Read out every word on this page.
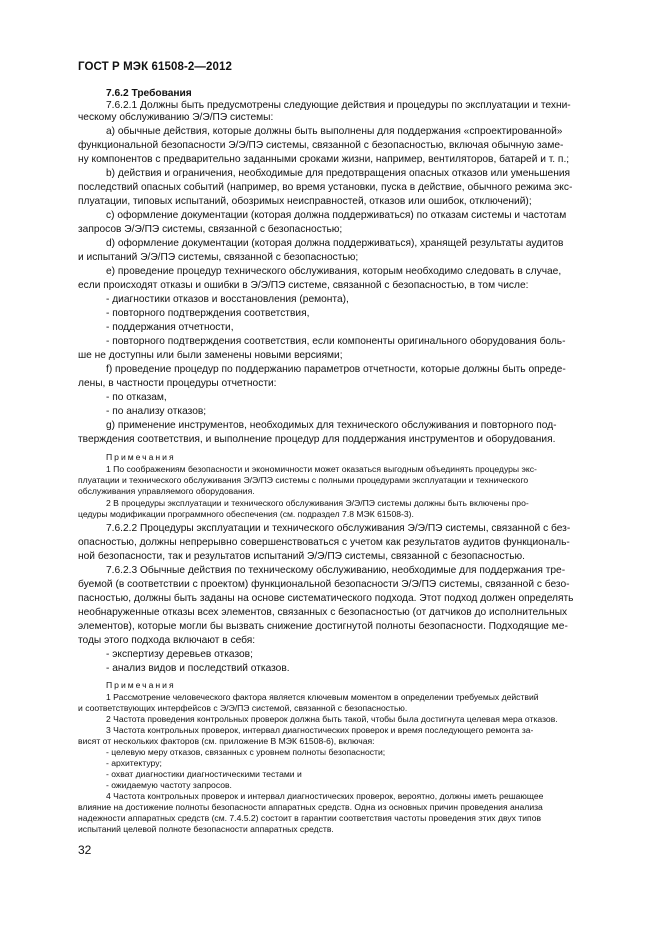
ГОСТ Р МЭК 61508-2—2012
7.6.2 Требования
7.6.2.1 Должны быть предусмотрены следующие действия и процедуры по эксплуатации и техни-
ческому обслуживанию Э/Э/ПЭ системы:
а) обычные действия, которые должны быть выполнены для поддержания «спроектированной»
функциональной безопасности Э/Э/ПЭ системы, связанной с безопасностью, включая обычную заме-
ну компонентов с предварительно заданными сроками жизни, например, вентиляторов, батарей и т. п.;
b) действия и ограничения, необходимые для предотвращения опасных отказов или уменьшения
последствий опасных событий (например, во время установки, пуска в действие, обычного режима экс-
плуатации, типовых испытаний, обозримых неисправностей, отказов или ошибок, отключений);
с) оформление документации (которая должна поддерживаться) по отказам системы и частотам
запросов Э/Э/ПЭ системы, связанной с безопасностью;
d) оформление документации (которая должна поддерживаться), хранящей результаты аудитов
и испытаний Э/Э/ПЭ системы, связанной с безопасностью;
е) проведение процедур технического обслуживания, которым необходимо следовать в случае,
если происходят отказы и ошибки в Э/Э/ПЭ системе, связанной с безопасностью, в том числе:
- диагностики отказов и восстановления (ремонта),
- повторного подтверждения соответствия,
- поддержания отчетности,
- повторного подтверждения соответствия, если компоненты оригинального оборудования боль-
ше не доступны или были заменены новыми версиями;
f) проведение процедур по поддержанию параметров отчетности, которые должны быть опреде-
лены, в частности процедуры отчетности:
- по отказам,
- по анализу отказов;
g) применение инструментов, необходимых для технического обслуживания и повторного под-
тверждения соответствия, и выполнение процедур для поддержания инструментов и оборудования.
Примечания
1 По соображениям безопасности и экономичности может оказаться выгодным объединять процедуры экс-
плуатации и технического обслуживания Э/Э/ПЭ системы с полными процедурами эксплуатации и технического
обслуживания управляемого оборудования.
2 В процедуры эксплуатации и технического обслуживания Э/Э/ПЭ системы должны быть включены про-
цедуры модификации программного обеспечения (см. подраздел 7.8 МЭК 61508-3).
7.6.2.2 Процедуры эксплуатации и технического обслуживания Э/Э/ПЭ системы, связанной с без-
опасностью, должны непрерывно совершенствоваться с учетом как результатов аудитов функциональ-
ной безопасности, так и результатов испытаний Э/Э/ПЭ системы, связанной с безопасностью.
7.6.2.3 Обычные действия по техническому обслуживанию, необходимые для поддержания тре-
буемой (в соответствии с проектом) функциональной безопасности Э/Э/ПЭ системы, связанной с безо-
пасностью, должны быть заданы на основе систематического подхода. Этот подход должен определять
необнаруженные отказы всех элементов, связанных с безопасностью (от датчиков до исполнительных
элементов), которые могли бы вызвать снижение достигнутой полноты безопасности. Подходящие ме-
тоды этого подхода включают в себя:
- экспертизу деревьев отказов;
- анализ видов и последствий отказов.
Примечания
1 Рассмотрение человеческого фактора является ключевым моментом в определении требуемых действий
и соответствующих интерфейсов с Э/Э/ПЭ системой, связанной с безопасностью.
2 Частота проведения контрольных проверок должна быть такой, чтобы была достигнута целевая мера отказов.
3 Частота контрольных проверок, интервал диагностических проверок и время последующего ремонта за-
висят от нескольких факторов (см. приложение В МЭК 61508-6), включая:
- целевую меру отказов, связанных с уровнем полноты безопасности;
- архитектуру;
- охват диагностики диагностическими тестами и
- ожидаемую частоту запросов.
4 Частота контрольных проверок и интервал диагностических проверок, вероятно, должны иметь решающее
влияние на достижение полноты безопасности аппаратных средств. Одна из основных причин проведения анализа
надежности аппаратных средств (см. 7.4.5.2) состоит в гарантии соответствия частоты проведения этих двух типов
испытаний целевой полноте безопасности аппаратных средств.
32
